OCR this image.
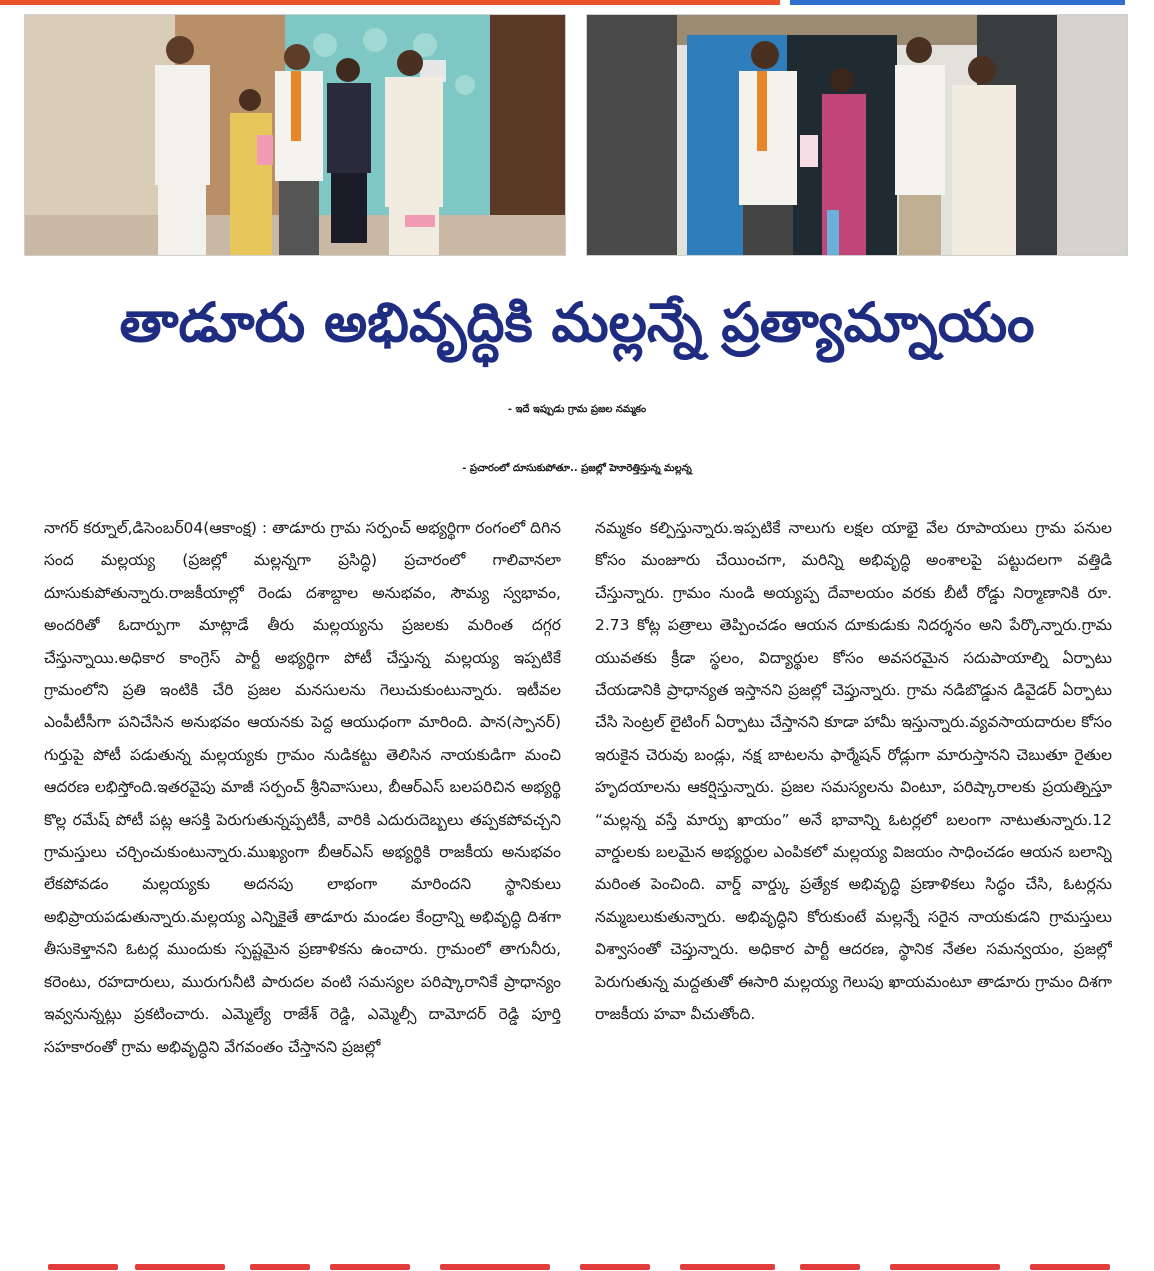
తాడూరు అభివృద్ధికి మల్లన్నే ప్రత్యామ్నాయం

- ఇదే ఇప్పుడు గ్రామ ప్రజల నమ్మకం

- ప్రచారంలో దూసుకుపోతూ.. ప్రజల్లో హెూరెత్తిస్తున్న మల్లన్న

నాగర్ కర్నూల్,డిసెంబర్04(ఆకాంక్ష) : తాడూరు గ్రామ సర్పంచ్ అభ్యర్థిగా రంగంలో దిగిన సంద మల్లయ్య (ప్రజల్లో మల్లన్నగా ప్రసిద్ధి) ప్రచారంలో గాలివానలా దూసుకుపోతున్నారు.రాజకీయాల్లో రెండు దశాబ్దాల అనుభవం, సౌమ్య స్వభావం, అందరితో ఓదార్పుగా మాట్లాడే తీరు మల్లయ్యను ప్రజలకు మరింత దగ్గర చేస్తున్నాయి.అధికార కాంగ్రెస్ పార్టీ అభ్యర్థిగా పోటీ చేస్తున్న మల్లయ్య ఇప్పటికే గ్రామంలోని ప్రతి ఇంటికి చేరి ప్రజల మనసులను గెలుచుకుంటున్నారు. ఇటీవల ఎంపీటీసీగా పనిచేసిన అనుభవం ఆయనకు పెద్ద ఆయుధంగా మారింది. పాన(స్పానర్) గుర్తుపై పోటీ పడుతున్న మల్లయ్యకు గ్రామం నుడికట్టు తెలిసిన నాయకుడిగా మంచి ఆదరణ లభిస్తోంది.ఇతరవైపు మాజీ సర్పంచ్ శ్రీనివాసులు, బీఆర్ఎస్ బలపరిచిన అభ్యర్థి కొల్ల రమేష్ పోటీ పట్ల ఆసక్తి పెరుగుతున్నప్పటికీ, వారికి ఎదురుదెబ్బలు తప్పకపోవచ్చని గ్రామస్తులు చర్చించుకుంటున్నారు.ముఖ్యంగా బీఆర్ఎస్ అభ్యర్థికి రాజకీయ అనుభవం లేకపోవడం మల్లయ్యకు అదనపు లాభంగా మారిందని స్థానికులు అభిప్రాయపడుతున్నారు.మల్లయ్య ఎన్నికైతే తాడూరు మండల కేంద్రాన్ని అభివృద్ధి దిశగా తీసుకెళ్తానని ఓటర్ల ముందుకు స్పష్టమైన ప్రణాళికను ఉంచారు. గ్రామంలో తాగునీరు, కరెంటు, రహదారులు, మురుగునీటి పారుదల వంటి సమస్యల పరిష్కారానికే ప్రాధాన్యం ఇవ్వనున్నట్లు ప్రకటించారు. ఎమ్మెల్యే రాజేశ్ రెడ్డి, ఎమ్మెల్సీ దామోదర్ రెడ్డి పూర్తి సహకారంతో గ్రామ అభివృద్ధిని వేగవంతం చేస్తానని ప్రజల్లో

నమ్మకం కల్పిస్తున్నారు.ఇప్పటికే నాలుగు లక్షల యాభై వేల రూపాయలు గ్రామ పనుల కోసం మంజూరు చేయించగా, మరిన్ని అభివృద్ధి అంశాలపై పట్టుదలగా వత్తిడి చేస్తున్నారు. గ్రామం నుండి అయ్యప్ప దేవాలయం వరకు బీటీ రోడ్డు నిర్మాణానికి రూ. 2.73 కోట్ల పత్రాలు తెప్పించడం ఆయన దూకుడుకు నిదర్శనం అని పేర్కొన్నారు.గ్రామ యువతకు క్రీడా స్థలం, విద్యార్థుల కోసం అవసరమైన సదుపాయాల్ని ఏర్పాటు చేయడానికి ప్రాధాన్యత ఇస్తానని ప్రజల్లో చెప్తున్నారు. గ్రామ నడిబొడ్డున డివైడర్ ఏర్పాటు చేసి సెంట్రల్ లైటింగ్ ఏర్పాటు చేస్తానని కూడా హామీ ఇస్తున్నారు.వ్యవసాయదారుల కోసం ఇరుకైన చెరువు బండ్లు, నక్ష బాటలను ఫార్మేషన్ రోడ్లుగా మారుస్తానని చెబుతూ రైతుల హృదయాలను ఆకర్షిస్తున్నారు. ప్రజల సమస్యలను వింటూ, పరిష్కారాలకు ప్రయత్నిస్తూ “మల్లన్న వస్తే మార్పు ఖాయం” అనే భావాన్ని ఓటర్లలో బలంగా నాటుతున్నారు.12 వార్డులకు బలమైన అభ్యర్థుల ఎంపికలో మల్లయ్య విజయం సాధించడం ఆయన బలాన్ని మరింత పెంచింది. వార్డ్ వార్డ్కు ప్రత్యేక అభివృద్ధి ప్రణాళికలు సిద్ధం చేసి, ఓటర్లను నమ్మబలుకుతున్నారు. అభివృద్ధిని కోరుకుంటే మల్లన్నే సరైన నాయకుడని గ్రామస్తులు విశ్వాసంతో చెప్తున్నారు. అధికార పార్టీ ఆదరణ, స్థానిక నేతల సమన్వయం, ప్రజల్లో పెరుగుతున్న మద్దతుతో ఈసారి మల్లయ్య గెలుపు ఖాయమంటూ తాడూరు గ్రామం దిశగా రాజకీయ హవా వీచుతోంది.
